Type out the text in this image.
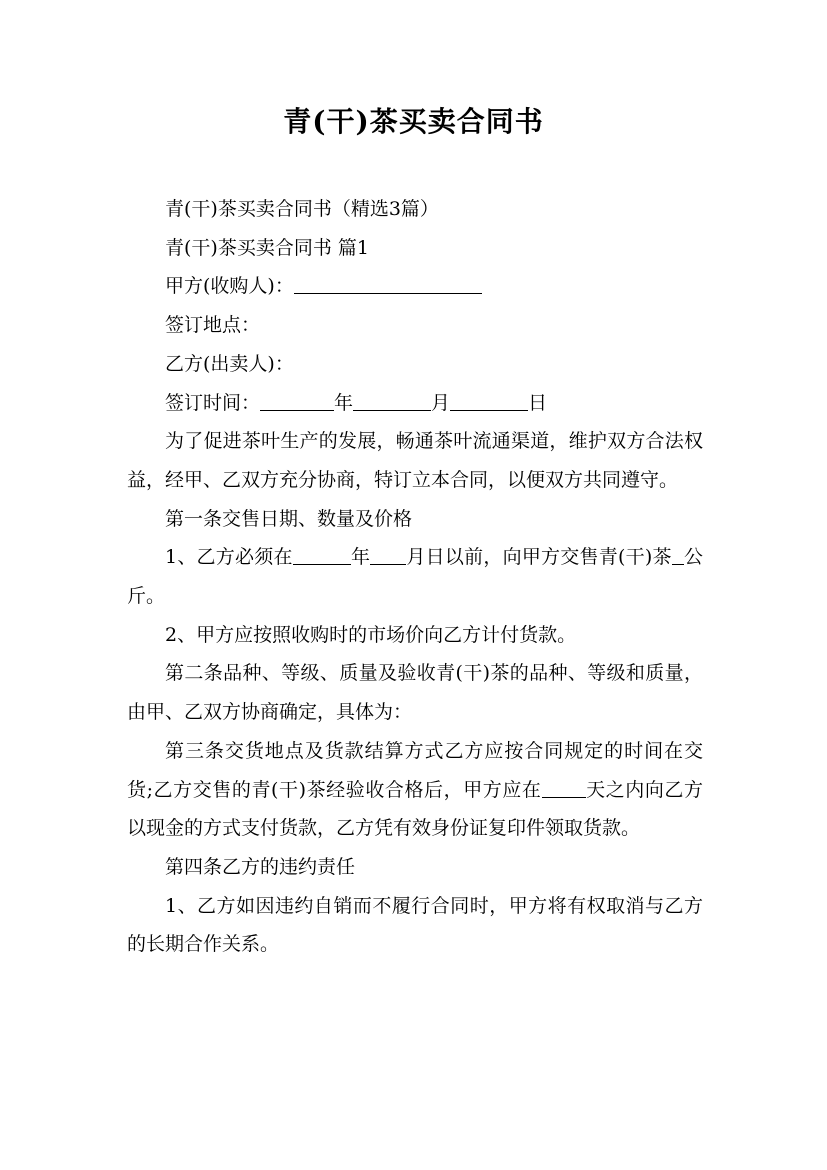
青(干)茶买卖合同书

青(干)茶买卖合同书（精选3篇）

青(干)茶买卖合同书 篇1

甲方(收购人)：

签订地点：

乙方(出卖人)：

签订时间：	年	月	日

为了促进茶叶生产的发展，畅通茶叶流通渠道，维护双方合法权益，经甲、乙双方充分协商，特订立本合同，以便双方共同遵守。

第一条交售日期、数量及价格

1、乙方必须在	年 月日以前，向甲方交售青(干)茶 公斤。

2、甲方应按照收购时的市场价向乙方计付货款。

第二条品种、等级、质量及验收青(干)茶的品种、等级和质量，由甲、乙双方协商确定，具体为：

第三条交货地点及货款结算方式乙方应按合同规定的时间在交货;乙方交售的青(干)茶经验收合格后，甲方应在 天之内向乙方以现金的方式支付货款，乙方凭有效身份证复印件领取货款。

第四条乙方的违约责任

1、乙方如因违约自销而不履行合同时，甲方将有权取消与乙方的长期合作关系。
